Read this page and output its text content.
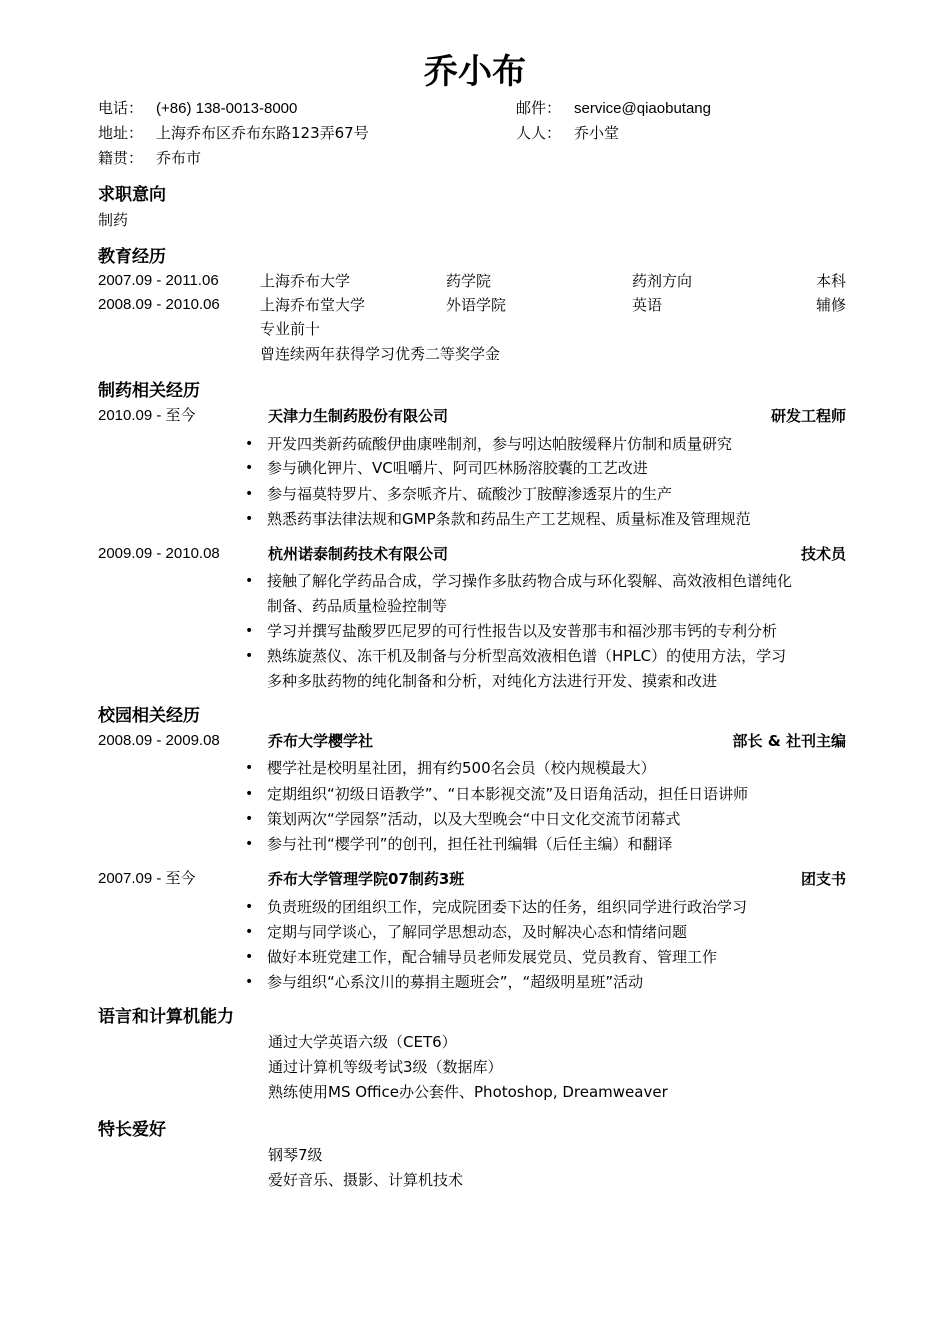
乔小布
电话： (+86) 138-0013-8000	邮件： service@qiaobutang
地址： 上海乔布区乔布东路123弄67号	人人： 乔小堂
籍贯： 乔布市
求职意向
制药
教育经历
2007.09 - 2011.06	上海乔布大学	药学院	药剂方向	本科
2008.09 - 2010.06	上海乔布堂大学	外语学院	英语	辅修
专业前十
曾连续两年获得学习优秀二等奖学金
制药相关经历
2010.09 - 至今	天津力生制药股份有限公司	研发工程师
• 开发四类新药硫酸伊曲康唑制剂，参与吲达帕胺缓释片仿制和质量研究
• 参与碘化钾片、VC咀嚼片、阿司匹林肠溶胶囊的工艺改进
• 参与福莫特罗片、多奈哌齐片、硫酸沙丁胺醇渗透泵片的生产
• 熟悉药事法律法规和GMP条款和药品生产工艺规程、质量标准及管理规范
2009.09 - 2010.08	杭州诺泰制药技术有限公司	技术员
• 接触了解化学药品合成，学习操作多肽药物合成与环化裂解、高效液相色谱纯化
制备、药品质量检验控制等
• 学习并撰写盐酸罗匹尼罗的可行性报告以及安普那韦和福沙那韦钙的专利分析
• 熟练旋蒸仪、冻干机及制备与分析型高效液相色谱（HPLC）的使用方法，学习
多种多肽药物的纯化制备和分析，对纯化方法进行开发、摸索和改进
校园相关经历
2008.09 - 2009.08	乔布大学樱学社	部长 & 社刊主编
• 樱学社是校明星社团，拥有约500名会员（校内规模最大）
• 定期组织“初级日语教学”、“日本影视交流”及日语角活动，担任日语讲师
• 策划两次“学园祭”活动，以及大型晚会“中日文化交流节闭幕式
• 参与社刊“樱学刊”的创刊，担任社刊编辑（后任主编）和翻译
2007.09 - 至今	乔布大学管理学院07制药3班	团支书
• 负责班级的团组织工作，完成院团委下达的任务，组织同学进行政治学习
• 定期与同学谈心，了解同学思想动态，及时解决心态和情绪问题
• 做好本班党建工作，配合辅导员老师发展党员、党员教育、管理工作
• 参与组织“心系汶川的募捐主题班会”，“超级明星班”活动
语言和计算机能力
通过大学英语六级（CET6）
通过计算机等级考试3级（数据库）
熟练使用MS Office办公套件、Photoshop, Dreamweaver
特长爱好
钢琴7级
爱好音乐、摄影、计算机技术
